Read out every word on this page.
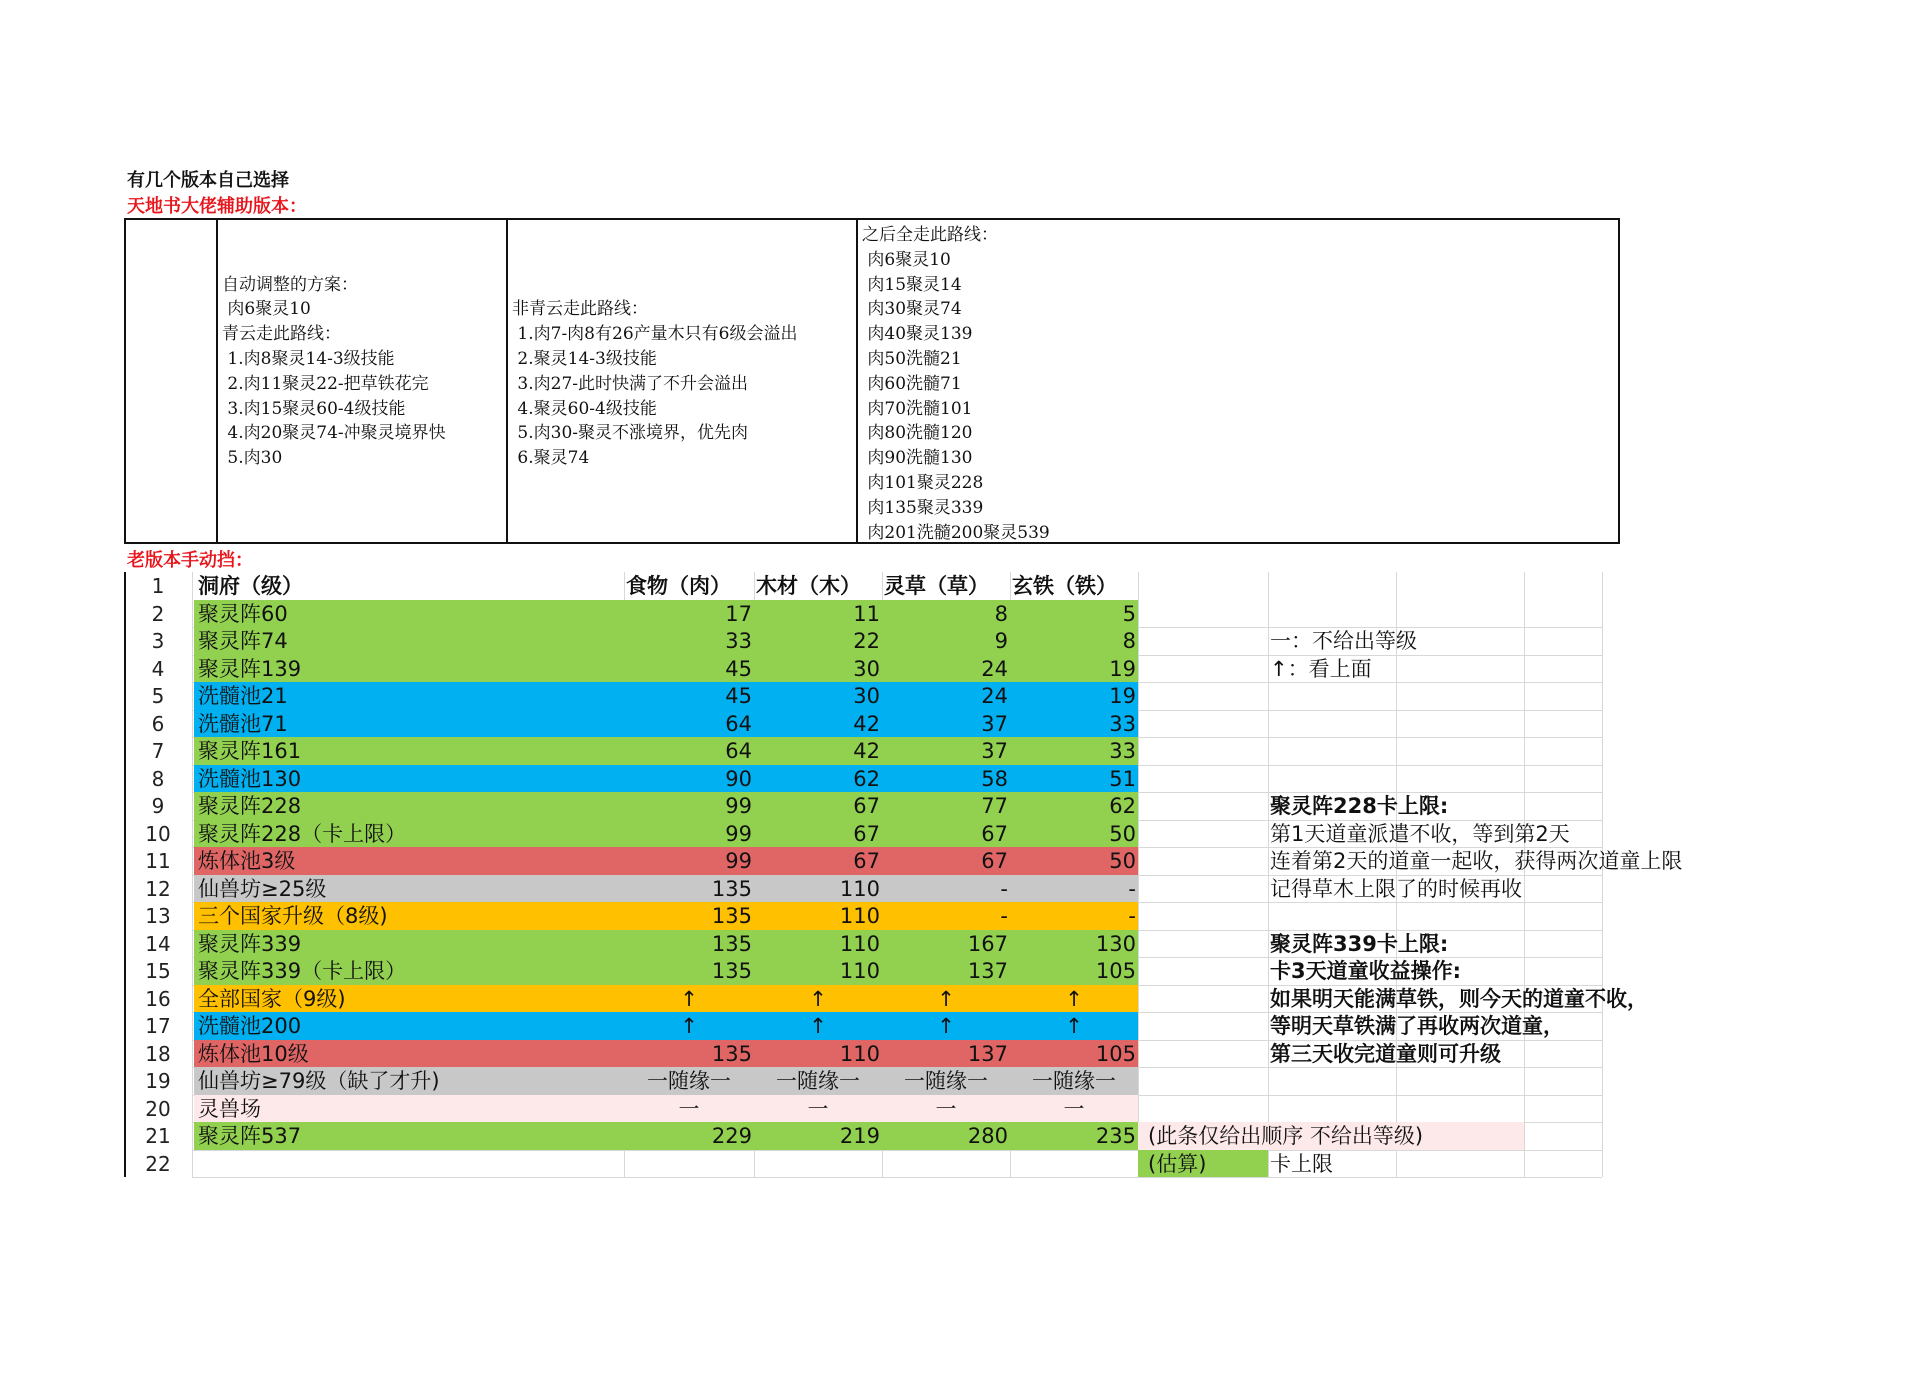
有几个版本自己选择
天地书大佬辅助版本：
自动调整的方案：
肉6聚灵10
青云走此路线：
1.肉8聚灵14-3级技能
2.肉11聚灵22-把草铁花完
3.肉15聚灵60-4级技能
4.肉20聚灵74-冲聚灵境界快
5.肉30
非青云走此路线：
1.肉7-肉8有26产量木只有6级会溢出
2.聚灵14-3级技能
3.肉27-此时快满了不升会溢出
4.聚灵60-4级技能
5.肉30-聚灵不涨境界，优先肉
6.聚灵74
之后全走此路线：
肉6聚灵10
肉15聚灵14
肉30聚灵74
肉40聚灵139
肉50洗髓21
肉60洗髓71
肉70洗髓101
肉80洗髓120
肉90洗髓130
肉101聚灵228
肉135聚灵339
肉201洗髓200聚灵539
老版本手动挡：
1	洞府（级）	食物（肉） 木材（木） 灵草（草） 玄铁（铁）
2	聚灵阵60	17	11	8	5
3	聚灵阵74	33	22	9	8
4	聚灵阵139	45	30	24	19
5	洗髓池21	45	30	24	19
6	洗髓池71	64	42	37	33
7	聚灵阵161	64	42	37	33
8	洗髓池130	90	62	58	51
9	聚灵阵228	99	67	77	62
10	聚灵阵228（卡上限）	99	67	67	50
11	炼体池3级	99	67	67	50
12	仙兽坊≥25级	135	110	-	-
13	三个国家升级（8级)	135	110	-	-
14	聚灵阵339	135	110	167	130
15	聚灵阵339（卡上限）	135	110	137	105
16	全部国家（9级)	↑	↑	↑	↑
17	洗髓池200	↑	↑	↑	↑
18	炼体池10级	135	110	137	105
19	仙兽坊≥79级（缺了才升)	一随缘一	一随缘一	一随缘一	一随缘一
20	灵兽场	一	一	一	一
21	聚灵阵537	229	219	280	235
22
(此条仅给出顺序 不给出等级)
(估算)	卡上限
一：不给出等级
↑：看上面
聚灵阵228卡上限:
第1天道童派遣不收，等到第2天
连着第2天的道童一起收，获得两次道童上限
记得草木上限了的时候再收
聚灵阵339卡上限:
卡3天道童收益操作:
如果明天能满草铁，则今天的道童不收，
等明天草铁满了再收两次道童，
第三天收完道童则可升级
